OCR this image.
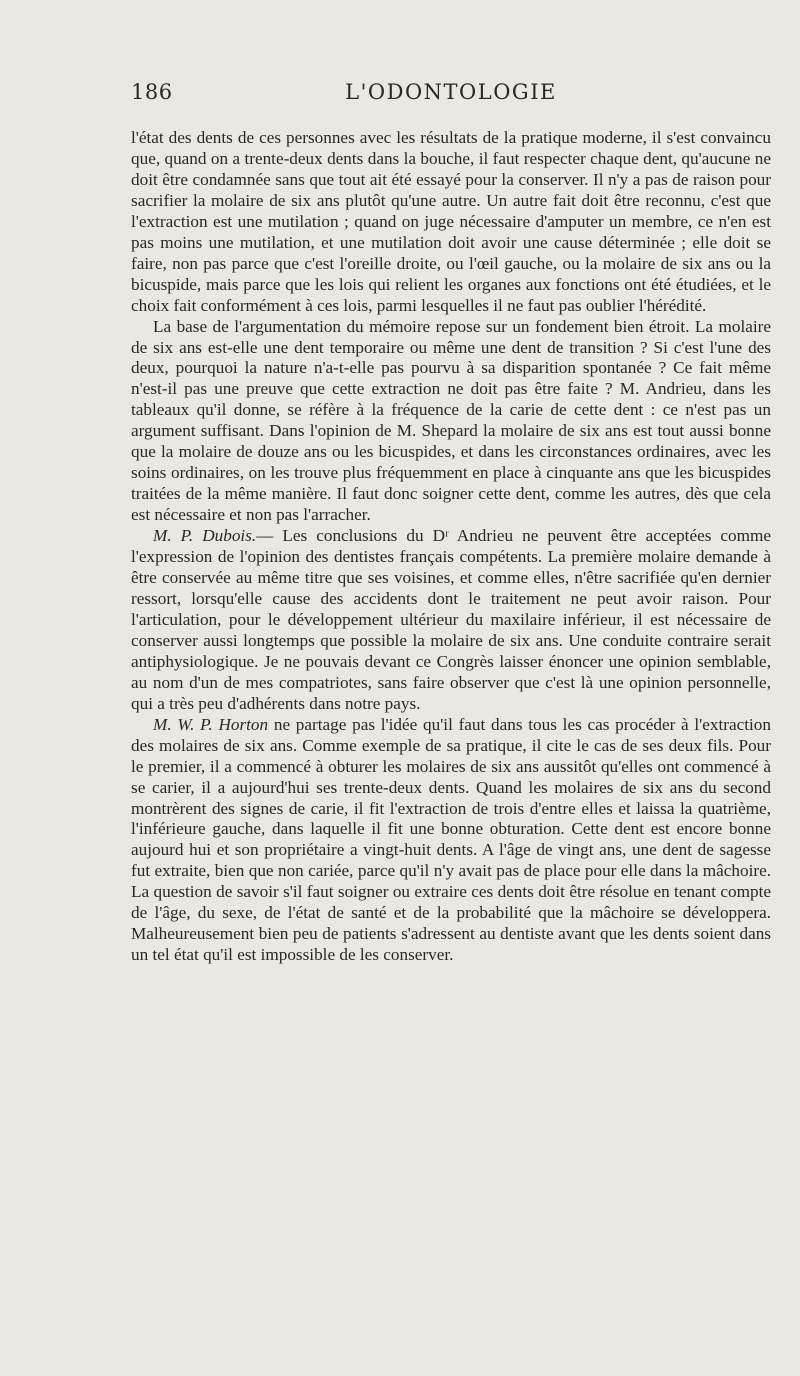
186	L'ODONTOLOGIE

l'état des dents de ces personnes avec les résultats de la pratique moderne, il s'est convaincu que, quand on a trente-deux dents dans la bouche, il faut respecter chaque dent, qu'aucune ne doit être condamnée sans que tout ait été essayé pour la conserver. Il n'y a pas de raison pour sacrifier la molaire de six ans plutôt qu'une autre. Un autre fait doit être reconnu, c'est que l'extraction est une mutilation ; quand on juge nécessaire d'amputer un membre, ce n'en est pas moins une mutilation, et une mutilation doit avoir une cause déterminée ; elle doit se faire, non pas parce que c'est l'oreille droite, ou l'œil gauche, ou la molaire de six ans ou la bicuspide, mais parce que les lois qui relient les organes aux fonctions ont été étudiées, et le choix fait conformément à ces lois, parmi lesquelles il ne faut pas oublier l'hérédité.

La base de l'argumentation du mémoire repose sur un fondement bien étroit. La molaire de six ans est-elle une dent temporaire ou même une dent de transition ? Si c'est l'une des deux, pourquoi la nature n'a-t-elle pas pourvu à sa disparition spontanée ? Ce fait même n'est-il pas une preuve que cette extraction ne doit pas être faite ? M. Andrieu, dans les tableaux qu'il donne, se réfère à la fréquence de la carie de cette dent : ce n'est pas un argument suffisant. Dans l'opinion de M. Shepard la molaire de six ans est tout aussi bonne que la molaire de douze ans ou les bicuspides, et dans les circonstances ordinaires, avec les soins ordinaires, on les trouve plus fréquemment en place à cinquante ans que les bicuspides traitées de la même manière. Il faut donc soigner cette dent, comme les autres, dès que cela est nécessaire et non pas l'arracher.

M. P. Dubois.— Les conclusions du Dʳ Andrieu ne peuvent être acceptées comme l'expression de l'opinion des dentistes français compétents. La première molaire demande à être conservée au même titre que ses voisines, et comme elles, n'être sacrifiée qu'en dernier ressort, lorsqu'elle cause des accidents dont le traitement ne peut avoir raison. Pour l'articulation, pour le développement ultérieur du maxilaire inférieur, il est nécessaire de conserver aussi longtemps que possible la molaire de six ans. Une conduite contraire serait antiphysiologique. Je ne pouvais devant ce Congrès laisser énoncer une opinion semblable, au nom d'un de mes compatriotes, sans faire observer que c'est là une opinion personnelle, qui a très peu d'adhérents dans notre pays.

M. W. P. Horton ne partage pas l'idée qu'il faut dans tous les cas procéder à l'extraction des molaires de six ans. Comme exemple de sa pratique, il cite le cas de ses deux fils. Pour le premier, il a commencé à obturer les molaires de six ans aussitôt qu'elles ont commencé à se carier, il a aujourd'hui ses trente-deux dents. Quand les molaires de six ans du second montrèrent des signes de carie, il fit l'extraction de trois d'entre elles et laissa la quatrième, l'inférieure gauche, dans laquelle il fit une bonne obturation. Cette dent est encore bonne aujourd hui et son propriétaire a vingt-huit dents. A l'âge de vingt ans, une dent de sagesse fut extraite, bien que non cariée, parce qu'il n'y avait pas de place pour elle dans la mâchoire. La question de savoir s'il faut soigner ou extraire ces dents doit être résolue en tenant compte de l'âge, du sexe, de l'état de santé et de la probabilité que la mâchoire se développera. Malheureusement bien peu de patients s'adressent au dentiste avant que les dents soient dans un tel état qu'il est impossible de les conserver.
